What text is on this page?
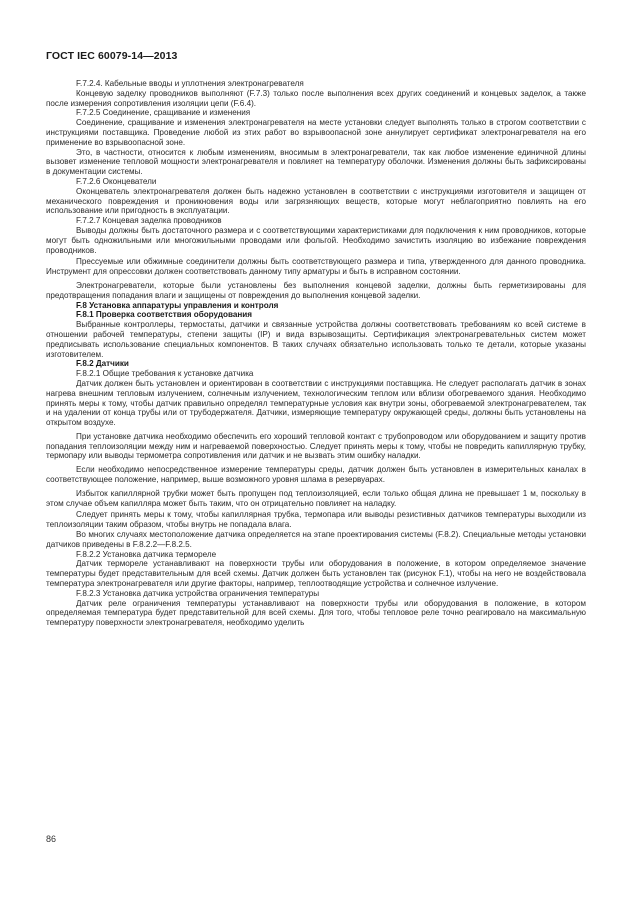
ГОСТ IEC 60079-14—2013

F.7.2.4. Кабельные вводы и уплотнения электронагревателя

Концевую заделку проводников выполняют (F.7.3) только после выполнения всех других соединений и концевых заделок, а также после измерения сопротивления изоляции цепи (F.6.4).

F.7.2.5 Соединение, сращивание и изменения

Соединение, сращивание и изменения электронагревателя на месте установки следует выполнять только в строгом соответствии с инструкциями поставщика. Проведение любой из этих работ во взрывоопасной зоне аннулирует сертификат электронагревателя на его применение во взрывоопасной зоне.

Это, в частности, относится к любым изменениям, вносимым в электронагреватели, так как любое изменение единичной длины вызовет изменение тепловой мощности электронагревателя и повлияет на температуру оболочки. Изменения должны быть зафиксированы в документации системы.

F.7.2.6 Оконцеватели

Оконцеватель электронагревателя должен быть надежно установлен в соответствии с инструкциями изготовителя и защищен от механического повреждения и проникновения воды или загрязняющих веществ, которые могут неблагоприятно повлиять на его использование или пригодность в эксплуатации.

F.7.2.7 Концевая заделка проводников

Выводы должны быть достаточного размера и с соответствующими характеристиками для подключения к ним проводников, которые могут быть одножильными или многожильными проводами или фольгой. Необходимо зачистить изоляцию во избежание повреждения проводников.

Прессуемые или обжимные соединители должны быть соответствующего размера и типа, утвержденного для данного проводника. Инструмент для опрессовки должен соответствовать данному типу арматуры и быть в исправном состоянии.

Электронагреватели, которые были установлены без выполнения концевой заделки, должны быть герметизированы для предотвращения попадания влаги и защищены от повреждения до выполнения концевой заделки.

F.8 Установка аппаратуры управления и контроля

F.8.1 Проверка соответствия оборудования

Выбранные контроллеры, термостаты, датчики и связанные устройства должны соответствовать требованиям ко всей системе в отношении рабочей температуры, степени защиты (IP) и вида взрывозащиты. Сертификация электронагревательных систем может предписывать использование специальных компонентов. В таких случаях обязательно использовать только те детали, которые указаны изготовителем.

F.8.2 Датчики

F.8.2.1 Общие требования к установке датчика

Датчик должен быть установлен и ориентирован в соответствии с инструкциями поставщика. Не следует располагать датчик в зонах нагрева внешним тепловым излучением, солнечным излучением, технологическим теплом или вблизи обогреваемого здания. Необходимо принять меры к тому, чтобы датчик правильно определял температурные условия как внутри зоны, обогреваемой электронагревателем, так и на удалении от конца трубы или от трубодержателя. Датчики, измеряющие температуру окружающей среды, должны быть установлены на открытом воздухе.

При установке датчика необходимо обеспечить его хороший тепловой контакт с трубопроводом или оборудованием и защиту против попадания теплоизоляции между ним и нагреваемой поверхностью. Следует принять меры к тому, чтобы не повредить капиллярную трубку, термопару или выводы термометра сопротивления или датчик и не вызвать этим ошибку наладки.

Если необходимо непосредственное измерение температуры среды, датчик должен быть установлен в измерительных каналах в соответствующее положение, например, выше возможного уровня шлама в резервуарах.

Избыток капиллярной трубки может быть пропущен под теплоизоляцией, если только общая длина не превышает 1 м, поскольку в этом случае объем капилляра может быть таким, что он отрицательно повлияет на наладку.

Следует принять меры к тому, чтобы капиллярная трубка, термопара или выводы резистивных датчиков температуры выходили из теплоизоляции таким образом, чтобы внутрь не попадала влага.

Во многих случаях местоположение датчика определяется на этапе проектирования системы (F.8.2). Специальные методы установки датчиков приведены в F.8.2.2—F.8.2.5.

F.8.2.2 Установка датчика термореле

Датчик термореле устанавливают на поверхности трубы или оборудования в положение, в котором определяемое значение температуры будет представительным для всей схемы. Датчик должен быть установлен так (рисунок F.1), чтобы на него не воздействовала температура электронагревателя или другие факторы, например, теплоотводящие устройства и солнечное излучение.

F.8.2.3 Установка датчика устройства ограничения температуры

Датчик реле ограничения температуры устанавливают на поверхности трубы или оборудования в положение, в котором определяемая температура будет представительной для всей схемы. Для того, чтобы тепловое реле точно реагировало на максимальную температуру поверхности электронагревателя, необходимо уделить

86
